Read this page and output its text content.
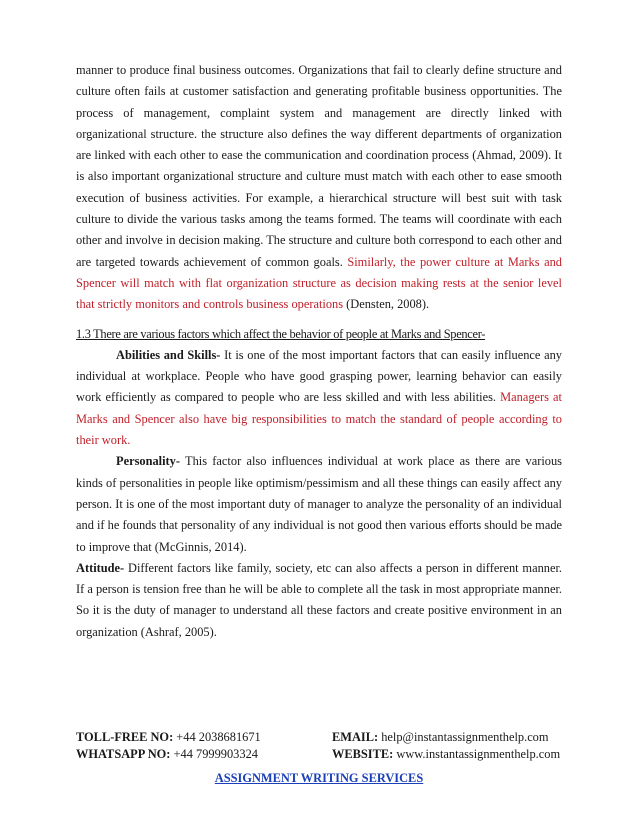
manner to produce final business outcomes. Organizations that fail to clearly define structure and culture often fails at customer satisfaction and generating profitable business opportunities. The process of management, complaint system and management are directly linked with organizational structure. the structure also defines the way different departments of organization are linked with each other to ease the communication and coordination process (Ahmad, 2009). It is also important organizational structure and culture must match with each other to ease smooth execution of business activities. For example, a hierarchical structure will best suit with task culture to divide the various tasks among the teams formed. The teams will coordinate with each other and involve in decision making. The structure and culture both correspond to each other and are targeted towards achievement of common goals. Similarly, the power culture at Marks and Spencer will match with flat organization structure as decision making rests at the senior level that strictly monitors and controls business operations (Densten, 2008).

1.3 There are various factors which affect the behavior of people at Marks and Spencer-

Abilities and Skills- It is one of the most important factors that can easily influence any individual at workplace. People who have good grasping power, learning behavior can easily work efficiently as compared to people who are less skilled and with less abilities. Managers at Marks and Spencer also have big responsibilities to match the standard of people according to their work.

Personality- This factor also influences individual at work place as there are various kinds of personalities in people like optimism/pessimism and all these things can easily affect any person. It is one of the most important duty of manager to analyze the personality of an individual and if he founds that personality of any individual is not good then various efforts should be made to improve that (McGinnis, 2014).

Attitude- Different factors like family, society, etc can also affects a person in different manner. If a person is tension free than he will be able to complete all the task in most appropriate manner. So it is the duty of manager to understand all these factors and create positive environment in an organization (Ashraf, 2005).

TOLL-FREE NO: +44 2038681671	EMAIL: help@instantassignmenthelp.com
WHATSAPP NO: +44 7999903324	WEBSITE: www.instantassignmenthelp.com
ASSIGNMENT WRITING SERVICES
